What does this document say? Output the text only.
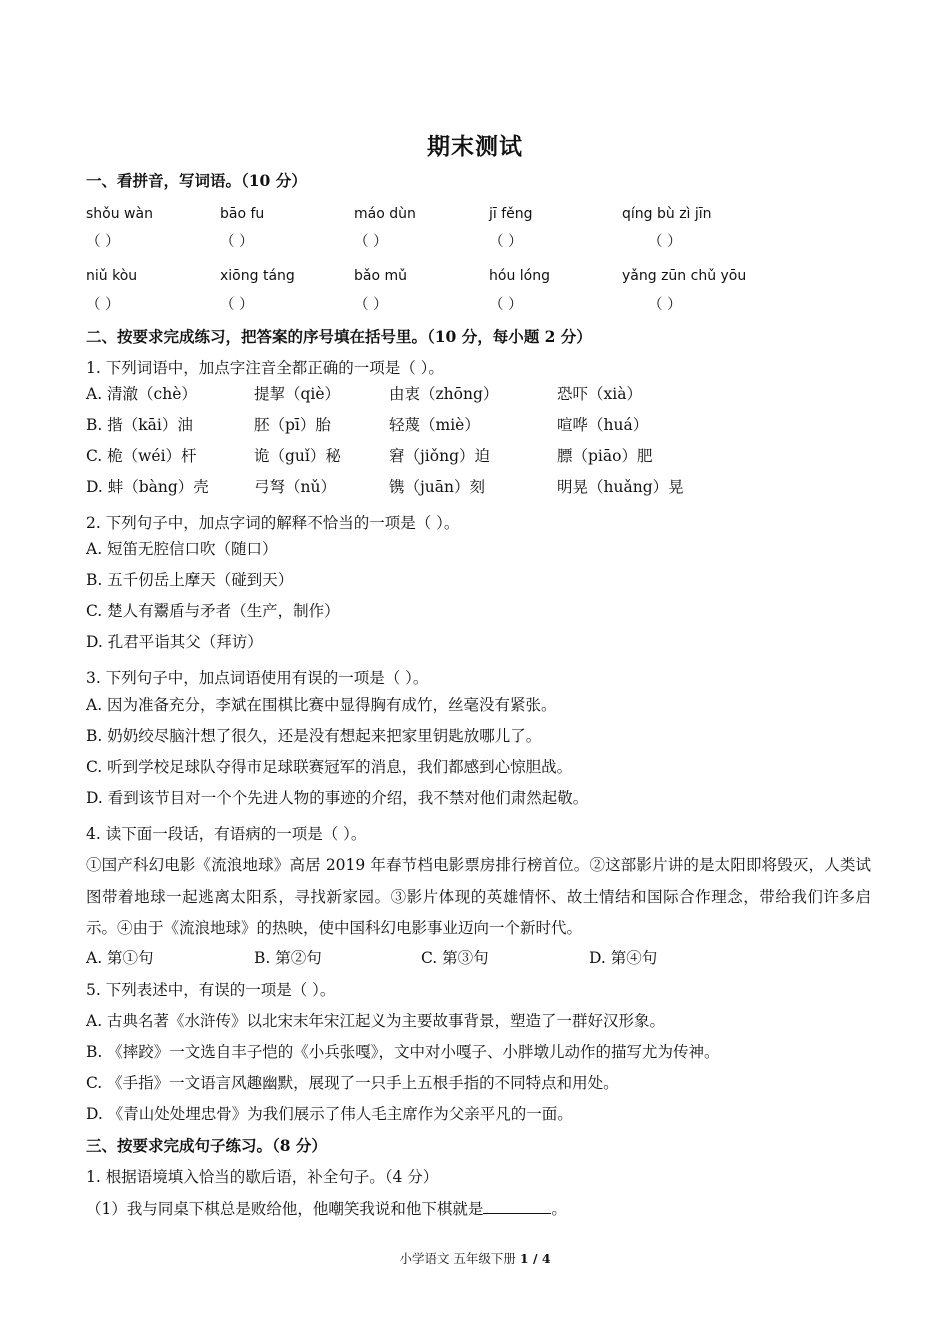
期末测试
一、看拼音，写词语。（10 分）
shǒu wàn	bāo fu	máo dùn	jī fěng	qíng bù zì jīn
（ ）	（ ）	（ ）	（ ）	（ ）
niǔ kòu	xiōng táng	bǎo mǔ	hóu lóng	yǎng zūn chǔ yōu
（ ）	（ ）	（ ）	（ ）	（ ）
二、按要求完成练习，把答案的序号填在括号里。（10 分，每小题 2 分）
1. 下列词语中，加点字注音全都正确的一项是（ ）。
A. 清澈（chè）	提挈（qiè）	由衷（zhōng）	恐吓（xià）
B. 揩（kāi）油	胚（pī）胎	轻蔑（miè）	喧哗（huá）
C. 桅（wéi）杆	诡（guǐ）秘	窘（jiǒng）迫	膘（piāo）肥
D. 蚌（bàng）壳	弓弩（nǔ）	镌（juān）刻	明晃（huǎng）晃
2. 下列句子中，加点字词的解释不恰当的一项是（ ）。
A. 短笛无腔信口吹（随口）
B. 五千仞岳上摩天（碰到天）
C. 楚人有鬻盾与矛者（生产，制作）
D. 孔君平诣其父（拜访）
3. 下列句子中，加点词语使用有误的一项是（ ）。
A. 因为准备充分，李斌在围棋比赛中显得胸有成竹，丝毫没有紧张。
B. 奶奶绞尽脑汁想了很久，还是没有想起来把家里钥匙放哪儿了。
C. 听到学校足球队夺得市足球联赛冠军的消息，我们都感到心惊胆战。
D. 看到该节目对一个个先进人物的事迹的介绍，我不禁对他们肃然起敬。
4. 读下面一段话，有语病的一项是（ ）。
①国产科幻电影《流浪地球》高居 2019 年春节档电影票房排行榜首位。②这部影片讲的是太阳即将毁灭，人类试图带着地球一起逃离太阳系，寻找新家园。③影片体现的英雄情怀、故土情结和国际合作理念，带给我们许多启示。④由于《流浪地球》的热映，使中国科幻电影事业迈向一个新时代。
A. 第①句	B. 第②句	C. 第③句	D. 第④句
5. 下列表述中，有误的一项是（ ）。
A. 古典名著《水浒传》以北宋末年宋江起义为主要故事背景，塑造了一群好汉形象。
B. 《摔跤》一文选自丰子恺的《小兵张嘎》，文中对小嘎子、小胖墩儿动作的描写尤为传神。
C. 《手指》一文语言风趣幽默，展现了一只手上五根手指的不同特点和用处。
D. 《青山处处埋忠骨》为我们展示了伟人毛主席作为父亲平凡的一面。
三、按要求完成句子练习。（8 分）
1. 根据语境填入恰当的歇后语，补全句子。（4 分）
（1）我与同桌下棋总是败给他，他嘲笑我说和他下棋就是	。
小学语文 五年级下册 1 / 4
